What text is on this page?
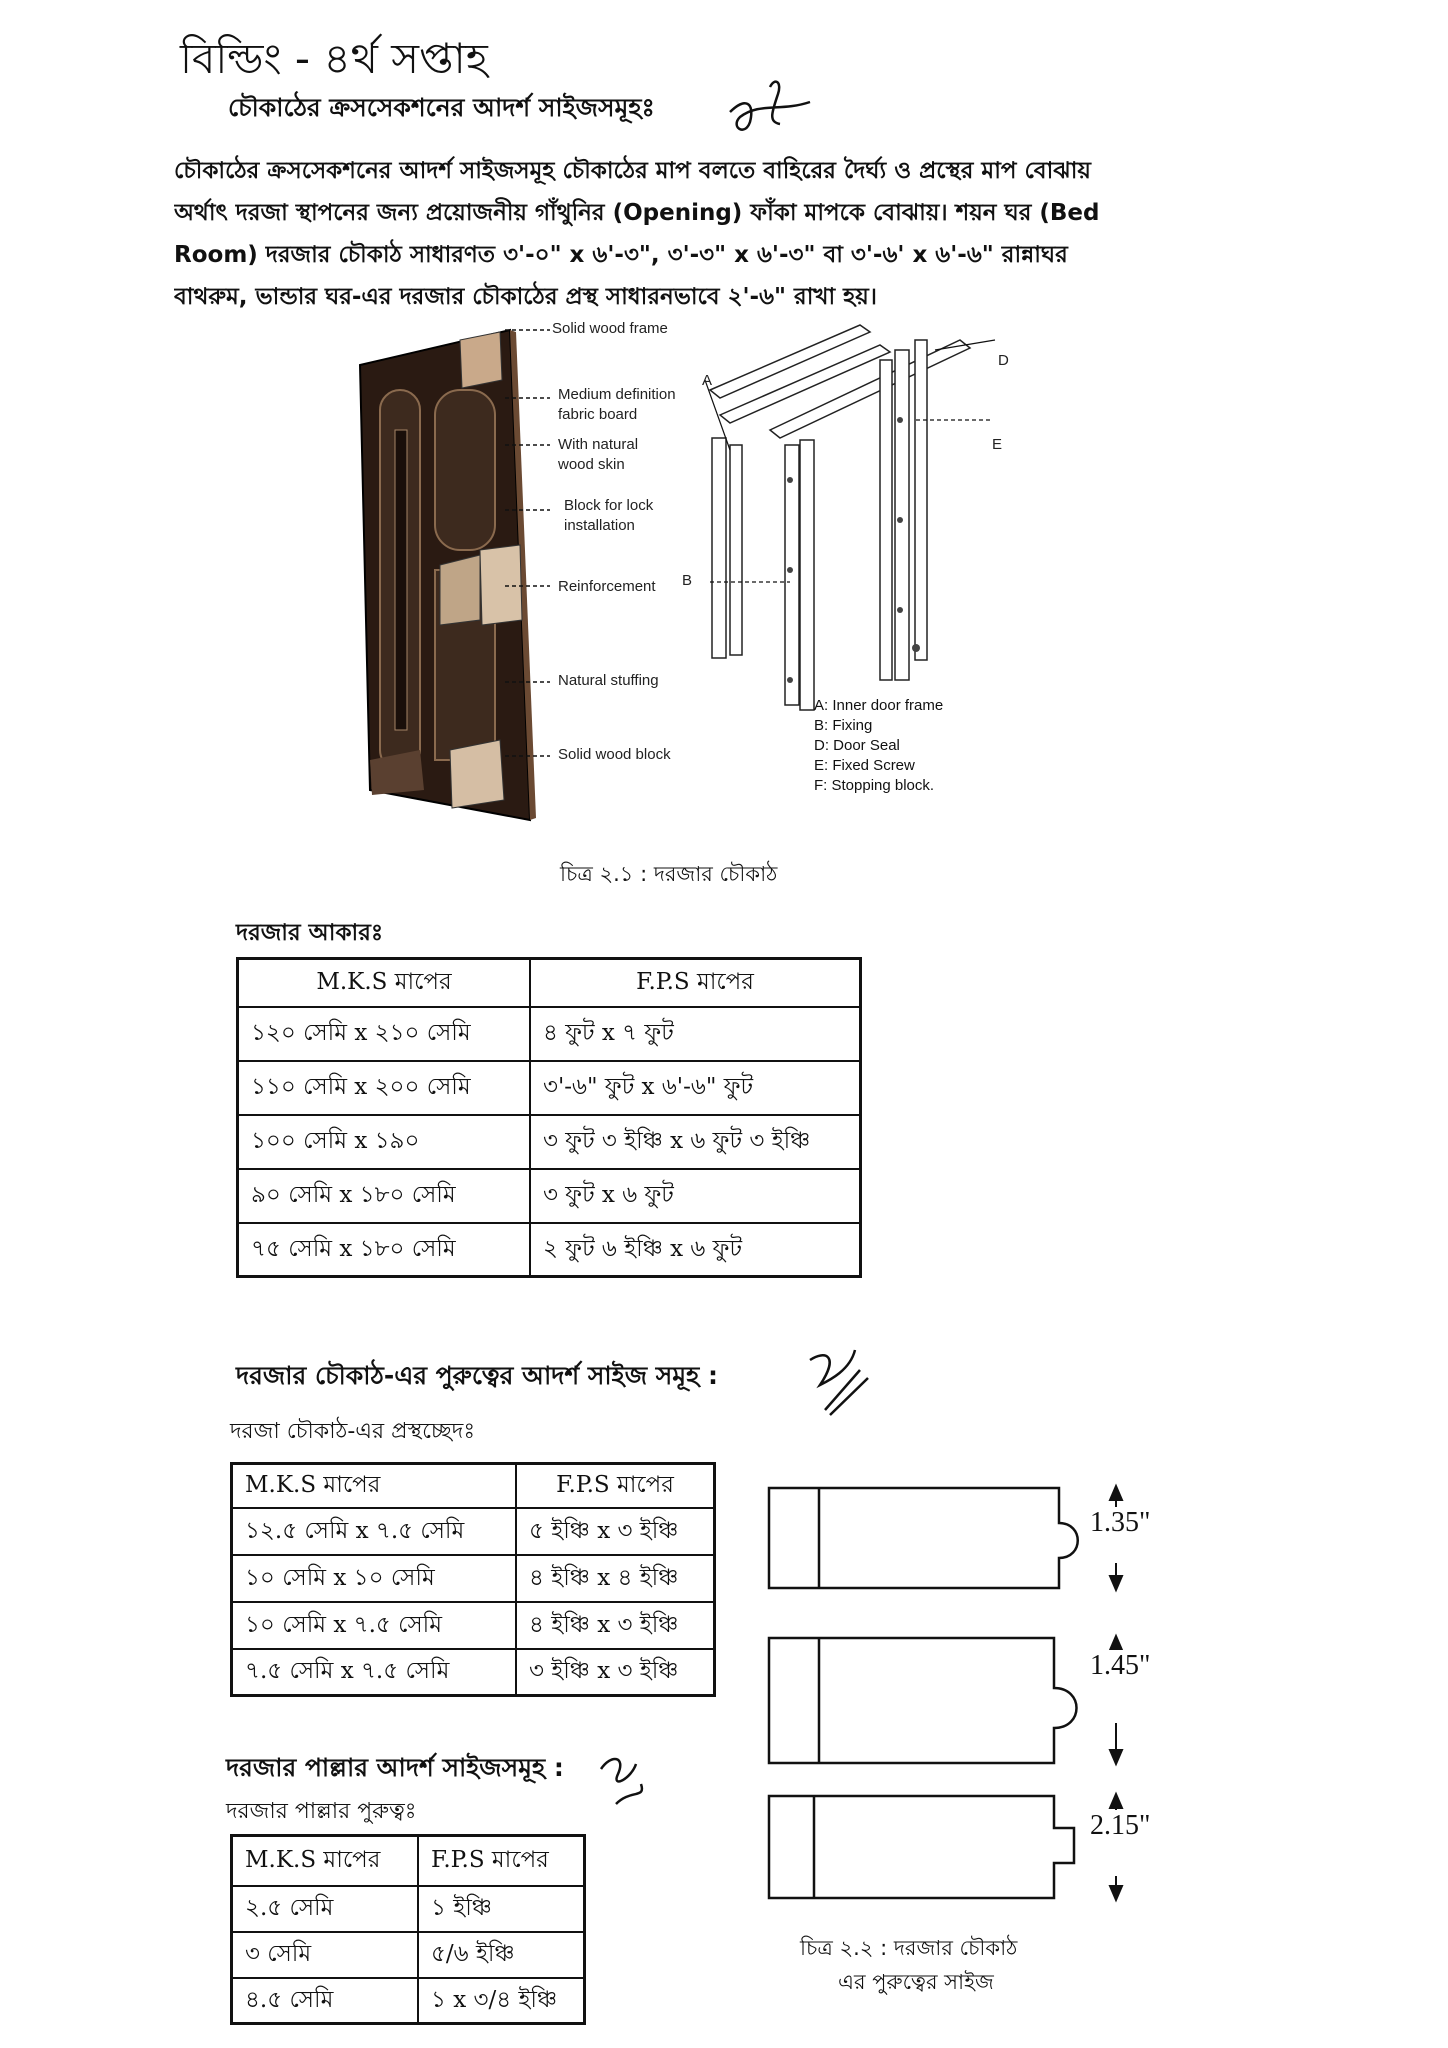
বিল্ডিং - ৪র্থ সপ্তাহ
চৌকাঠের ক্রসসেকশনের আদর্শ সাইজসমূহঃ
চৌকাঠের ক্রসসেকশনের আদর্শ সাইজসমূহ চৌকাঠের মাপ বলতে বাহিরের দৈর্ঘ্য ও প্রস্থের মাপ বোঝায়
অর্থাৎ দরজা স্থাপনের জন্য প্রয়োজনীয় গাঁথুনির (Opening) ফাঁকা মাপকে বোঝায়। শয়ন ঘর (Bed
Room) দরজার চৌকাঠ সাধারণত ৩'-০" x ৬'-৩", ৩'-৩" x ৬'-৩" বা ৩'-৬' x ৬'-৬" রান্নাঘর
বাথরুম, ভান্ডার ঘর-এর দরজার চৌকাঠের প্রস্থ সাধারনভাবে ২'-৬" রাখা হয়।
Solid wood frame
Medium definition
fabric board
With natural
wood skin
Block for lock
installation
Reinforcement
Natural stuffing
Solid wood block
A
B
D
E
A: Inner door frame
B: Fixing
D: Door Seal
E: Fixed Screw
F: Stopping block.
চিত্র ২.১ : দরজার চৌকাঠ
দরজার আকারঃ
M.K.S মাপের	F.P.S মাপের
১২০ সেমি x ২১০ সেমি	৪ ফুট x ৭ ফুট
১১০ সেমি x ২০০ সেমি	৩'-৬" ফুট x ৬'-৬" ফুট
১০০ সেমি x ১৯০	৩ ফুট ৩ ইঞ্চি x ৬ ফুট ৩ ইঞ্চি
৯০ সেমি x ১৮০ সেমি	৩ ফুট x ৬ ফুট
৭৫ সেমি x ১৮০ সেমি	২ ফুট ৬ ইঞ্চি x ৬ ফুট
দরজার চৌকাঠ-এর পুরুত্বের আদর্শ সাইজ সমূহ :
দরজা চৌকাঠ-এর প্রস্থচ্ছেদঃ
M.K.S মাপের	F.P.S মাপের
১২.৫ সেমি x ৭.৫ সেমি	৫ ইঞ্চি x ৩ ইঞ্চি
১০ সেমি x ১০ সেমি	৪ ইঞ্চি x ৪ ইঞ্চি
১০ সেমি x ৭.৫ সেমি	৪ ইঞ্চি x ৩ ইঞ্চি
৭.৫ সেমি x ৭.৫ সেমি	৩ ইঞ্চি x ৩ ইঞ্চি
1.35"
1.45"
2.15"
চিত্র ২.২ : দরজার চৌকাঠ
এর পুরুত্বের সাইজ
দরজার পাল্লার আদর্শ সাইজসমূহ :
দরজার পাল্লার পুরুত্বঃ
M.K.S মাপের	F.P.S মাপের
২.৫ সেমি	১ ইঞ্চি
৩ সেমি	৫/৬ ইঞ্চি
৪.৫ সেমি	১ x ৩/৪ ইঞ্চি
